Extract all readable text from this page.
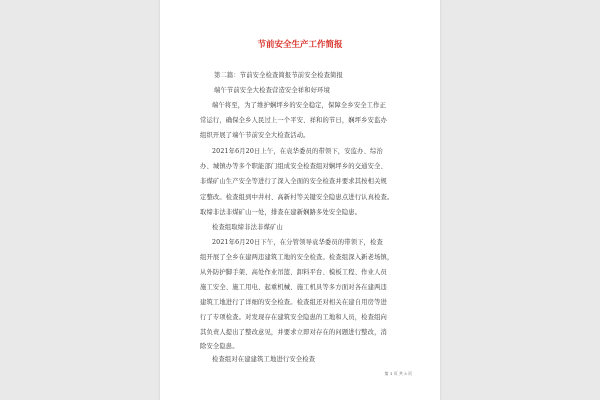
节前安全生产工作简报
第二篇：节前安全检查简报节前安全检查简报
端午节前安全大检查营造安全祥和好环境
端午将至，为了维护娴坪乡的安全稳定，保障全乡安全工作正
常运行，确保全乡人民过上一个平安、祥和的节日，娴坪乡安监办
组织开展了端午节前安全大检查活动。
2021年6月20日上午，在袁华委员的带领下，安监办、综治
办、城镇办等多个职能部门组成安全检查组对娴坪乡的交通安全、
非煤矿山生产安全等进行了深入全面的安全检查并要求其按相关规
定整改。检查组到中井村、高新村等关键安全隐患点进行认真检查。
取缔非法非煤矿山一处，排查在建新娴路多处安全隐患。
检查组取缔非法非煤矿山
2021年6月20日下午，在分管领导袁华委员的带领下，检查
组开展了全乡在建两违建筑工地的安全检查。检查组深入新老场镇，
从外防护脚手架、高处作业吊篮、卸料平台、模板工程、作业人员
施工安全、施工用电、起重机械、施工机具等多方面对各在建两违
建筑工地进行了详细的安全检查。检查组还对相关在建自用房等进
行了专项检查。对发现存在建筑安全隐患的工地和人员，检查组向
其负责人提出了整改意见，并要求立即对存在的问题进行整改，消
除安全隐患。
检查组对在建建筑工地进行安全检查
第 1 页 共 3 页
